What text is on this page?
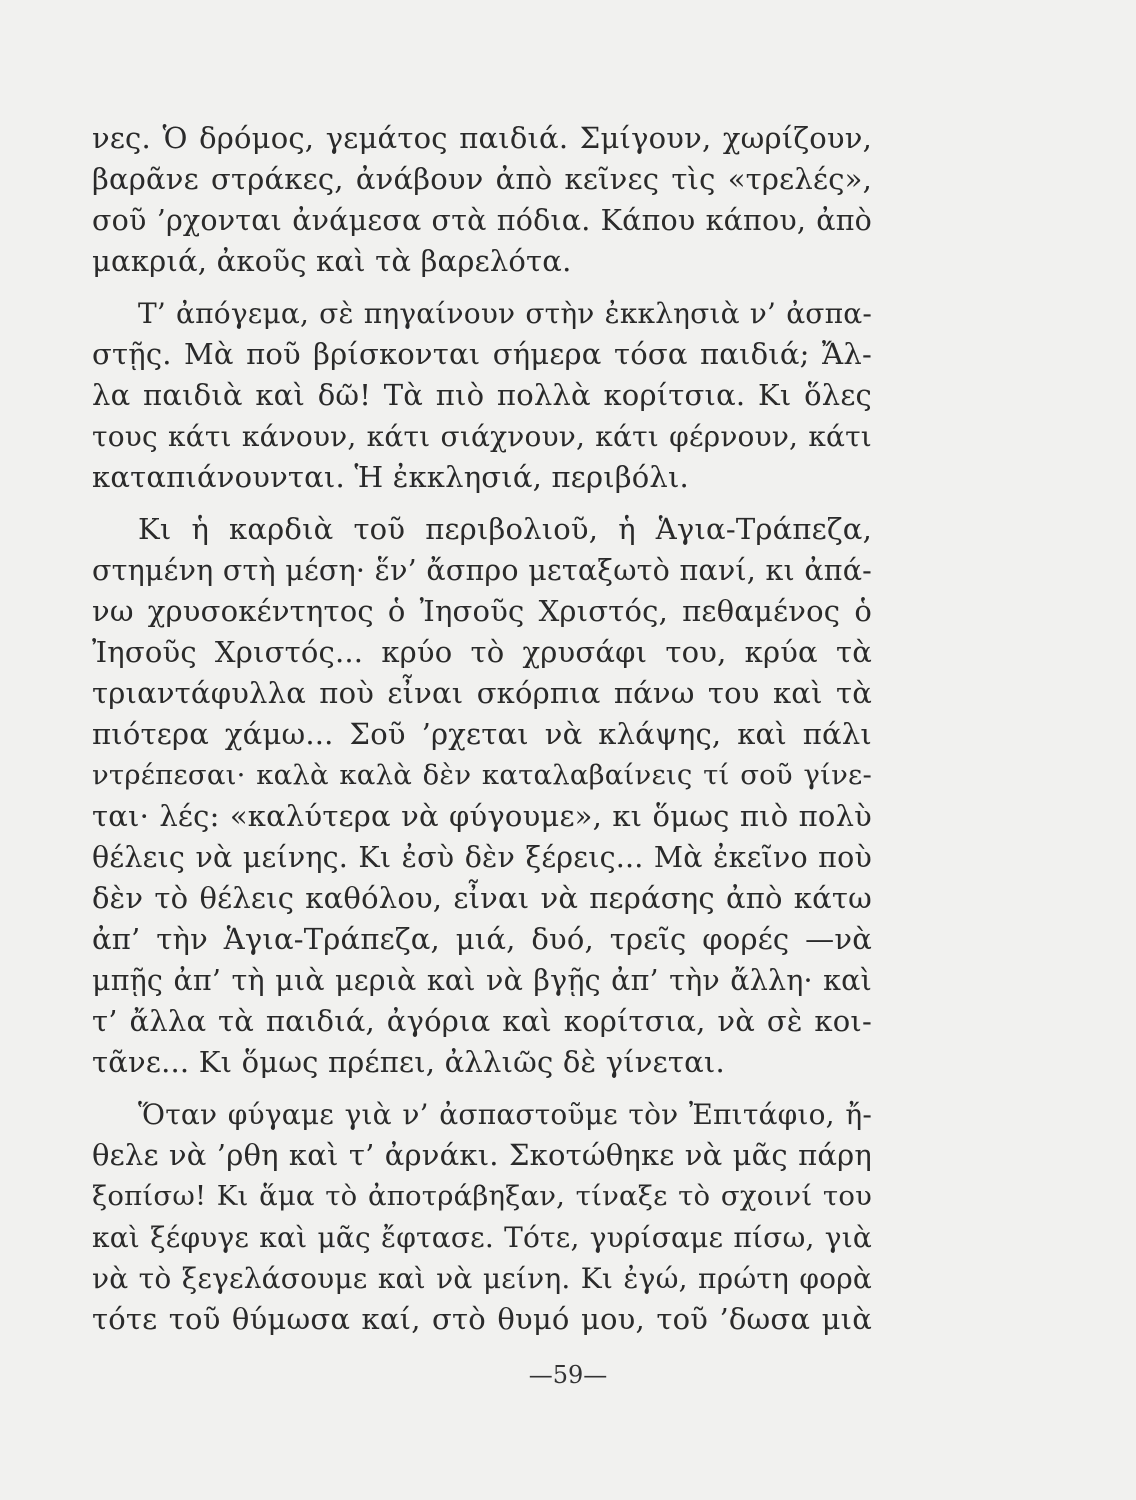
νες. Ὁ δρόμος, γεμάτος παιδιά. Σμίγουν, χωρίζουν,
βαρᾶνε στράκες, ἀνάβουν ἀπὸ κεῖνες τὶς «τρελές»,
σοῦ ’ρχονται ἀνάμεσα στὰ πόδια. Κάπου κάπου, ἀπὸ
μακριά, ἀκοῦς καὶ τὰ βαρελότα.
Τ’ ἀπόγεμα, σὲ πηγαίνουν στὴν ἐκκλησιὰ ν’ ἀσπα-
στῇς. Μὰ ποῦ βρίσκονται σήμερα τόσα παιδιά; Ἄλ-
λα παιδιὰ καὶ δῶ! Τὰ πιὸ πολλὰ κορίτσια. Κι ὅλες
τους κάτι κάνουν, κάτι σιάχνουν, κάτι φέρνουν, κάτι
καταπιάνουνται. Ἡ ἐκκλησιά, περιβόλι.
Κι ἡ καρδιὰ τοῦ περιβολιοῦ, ἡ Ἁγια-Τράπεζα,
στημένη στὴ μέση· ἕν’ ἄσπρο μεταξωτὸ πανί, κι ἀπά-
νω χρυσοκέντητος ὁ Ἰησοῦς Χριστός, πεθαμένος ὁ
Ἰησοῦς Χριστός... κρύο τὸ χρυσάφι του, κρύα τὰ
τριαντάφυλλα ποὺ εἶναι σκόρπια πάνω του καὶ τὰ
πιότερα χάμω... Σοῦ ’ρχεται νὰ κλάψης, καὶ πάλι
ντρέπεσαι· καλὰ καλὰ δὲν καταλαβαίνεις τί σοῦ γίνε-
ται· λές: «καλύτερα νὰ φύγουμε», κι ὅμως πιὸ πολὺ
θέλεις νὰ μείνης. Κι ἐσὺ δὲν ξέρεις... Μὰ ἐκεῖνο ποὺ
δὲν τὸ θέλεις καθόλου, εἶναι νὰ περάσης ἀπὸ κάτω
ἀπ’ τὴν Ἁγια-Τράπεζα, μιά, δυό, τρεῖς φορές —νὰ
μπῇς ἀπ’ τὴ μιὰ μεριὰ καὶ νὰ βγῇς ἀπ’ τὴν ἄλλη· καὶ
τ’ ἄλλα τὰ παιδιά, ἀγόρια καὶ κορίτσια, νὰ σὲ κοι-
τᾶνε... Κι ὅμως πρέπει, ἀλλιῶς δὲ γίνεται.
Ὅταν φύγαμε γιὰ ν’ ἀσπαστοῦμε τὸν Ἐπιτάφιο, ἤ-
θελε νὰ ’ρθη καὶ τ’ ἀρνάκι. Σκοτώθηκε νὰ μᾶς πάρη
ξοπίσω! Κι ἅμα τὸ ἀποτράβηξαν, τίναξε τὸ σχοινί του
καὶ ξέφυγε καὶ μᾶς ἔφτασε. Τότε, γυρίσαμε πίσω, γιὰ
νὰ τὸ ξεγελάσουμε καὶ νὰ μείνη. Κι ἐγώ, πρώτη φορὰ
τότε τοῦ θύμωσα καί, στὸ θυμό μου, τοῦ ’δωσα μιὰ
—59—
